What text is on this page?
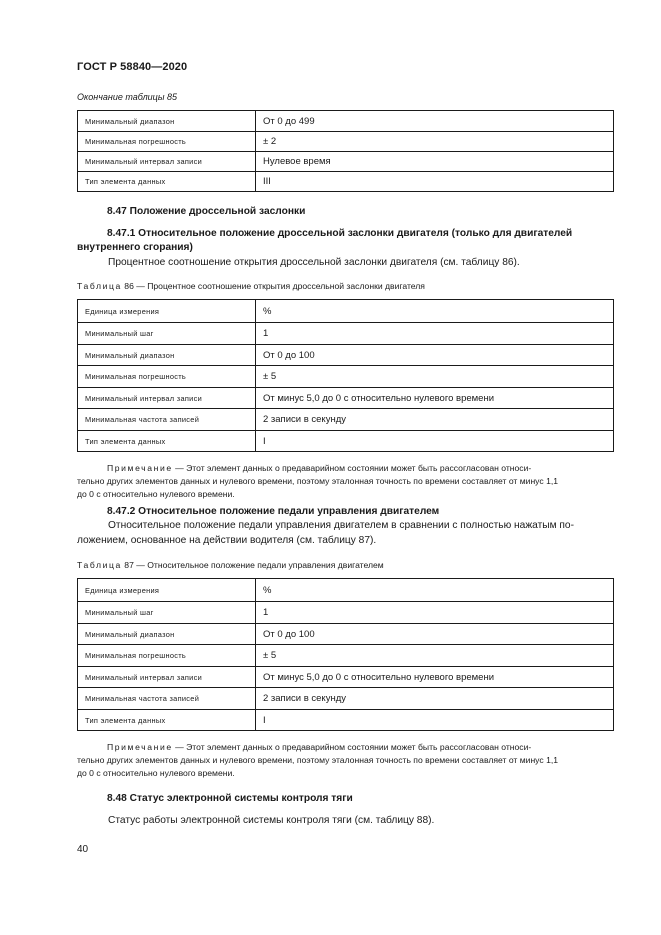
ГОСТ Р 58840—2020
Окончание таблицы 85
Минимальный диапазон	От 0 до 499
Минимальная погрешность	± 2
Минимальный интервал записи	Нулевое время
Тип элемента данных	III
8.47 Положение дроссельной заслонки
8.47.1 Относительное положение дроссельной заслонки двигателя (только для двигателей
внутреннего сгорания)
Процентное соотношение открытия дроссельной заслонки двигателя (см. таблицу 86).
Таблица 86 — Процентное соотношение открытия дроссельной заслонки двигателя
Единица измерения	%
Минимальный шаг	1
Минимальный диапазон	От 0 до 100
Минимальная погрешность	± 5
Минимальный интервал записи	От минус 5,0 до 0 с относительно нулевого времени
Минимальная частота записей	2 записи в секунду
Тип элемента данных	I
Примечание — Этот элемент данных о предаварийном состоянии может быть рассогласован относи-
тельно других элементов данных и нулевого времени, поэтому эталонная точность по времени составляет от минус 1,1
до 0 с относительно нулевого времени.
8.47.2 Относительное положение педали управления двигателем
Относительное положение педали управления двигателем в сравнении с полностью нажатым по-
ложением, основанное на действии водителя (см. таблицу 87).
Таблица 87 — Относительное положение педали управления двигателем
Единица измерения	%
Минимальный шаг	1
Минимальный диапазон	От 0 до 100
Минимальная погрешность	± 5
Минимальный интервал записи	От минус 5,0 до 0 с относительно нулевого времени
Минимальная частота записей	2 записи в секунду
Тип элемента данных	I
Примечание — Этот элемент данных о предаварийном состоянии может быть рассогласован относи-
тельно других элементов данных и нулевого времени, поэтому эталонная точность по времени составляет от минус 1,1
до 0 с относительно нулевого времени.
8.48 Статус электронной системы контроля тяги
Статус работы электронной системы контроля тяги (см. таблицу 88).
40
